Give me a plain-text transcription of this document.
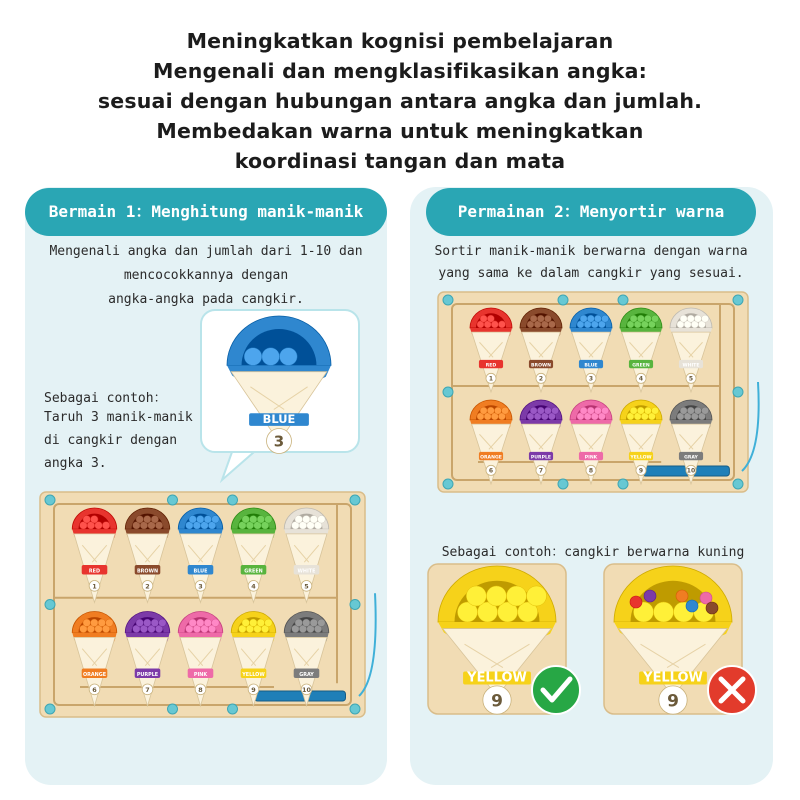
Meningkatkan kognisi pembelajaran
Mengenali dan mengklasifikasikan angka:
sesuai dengan hubungan antara angka dan jumlah.
Membedakan warna untuk meningkatkan
koordinasi tangan dan mata
Bermain 1：Menghitung manik-manik	Permainan 2：Menyortir warna
Mengenali angka dan jumlah dari 1-10 dan
mencocokkannya dengan
angka-angka pada cangkir.
Sebagai contoh：
Taruh 3 manik-manik
di cangkir dengan
angka 3.
Sortir manik-manik berwarna dengan warna
yang sama ke dalam cangkir yang sesuai.
Sebagai contoh：cangkir berwarna kuning
RED
1
BROWN
2
BLUE
3
GREEN
4
WHITE
5
ORANGE
6
PURPLE
7
PINK
8
YELLOW
9
GRAY
10
RED
1
BROWN
2
BLUE
3
GREEN
4
WHITE
5
ORANGE
6
PURPLE
7
PINK
8
YELLOW
9
GRAY
10
BLUE
3
YELLOW
9
YELLOW
9
